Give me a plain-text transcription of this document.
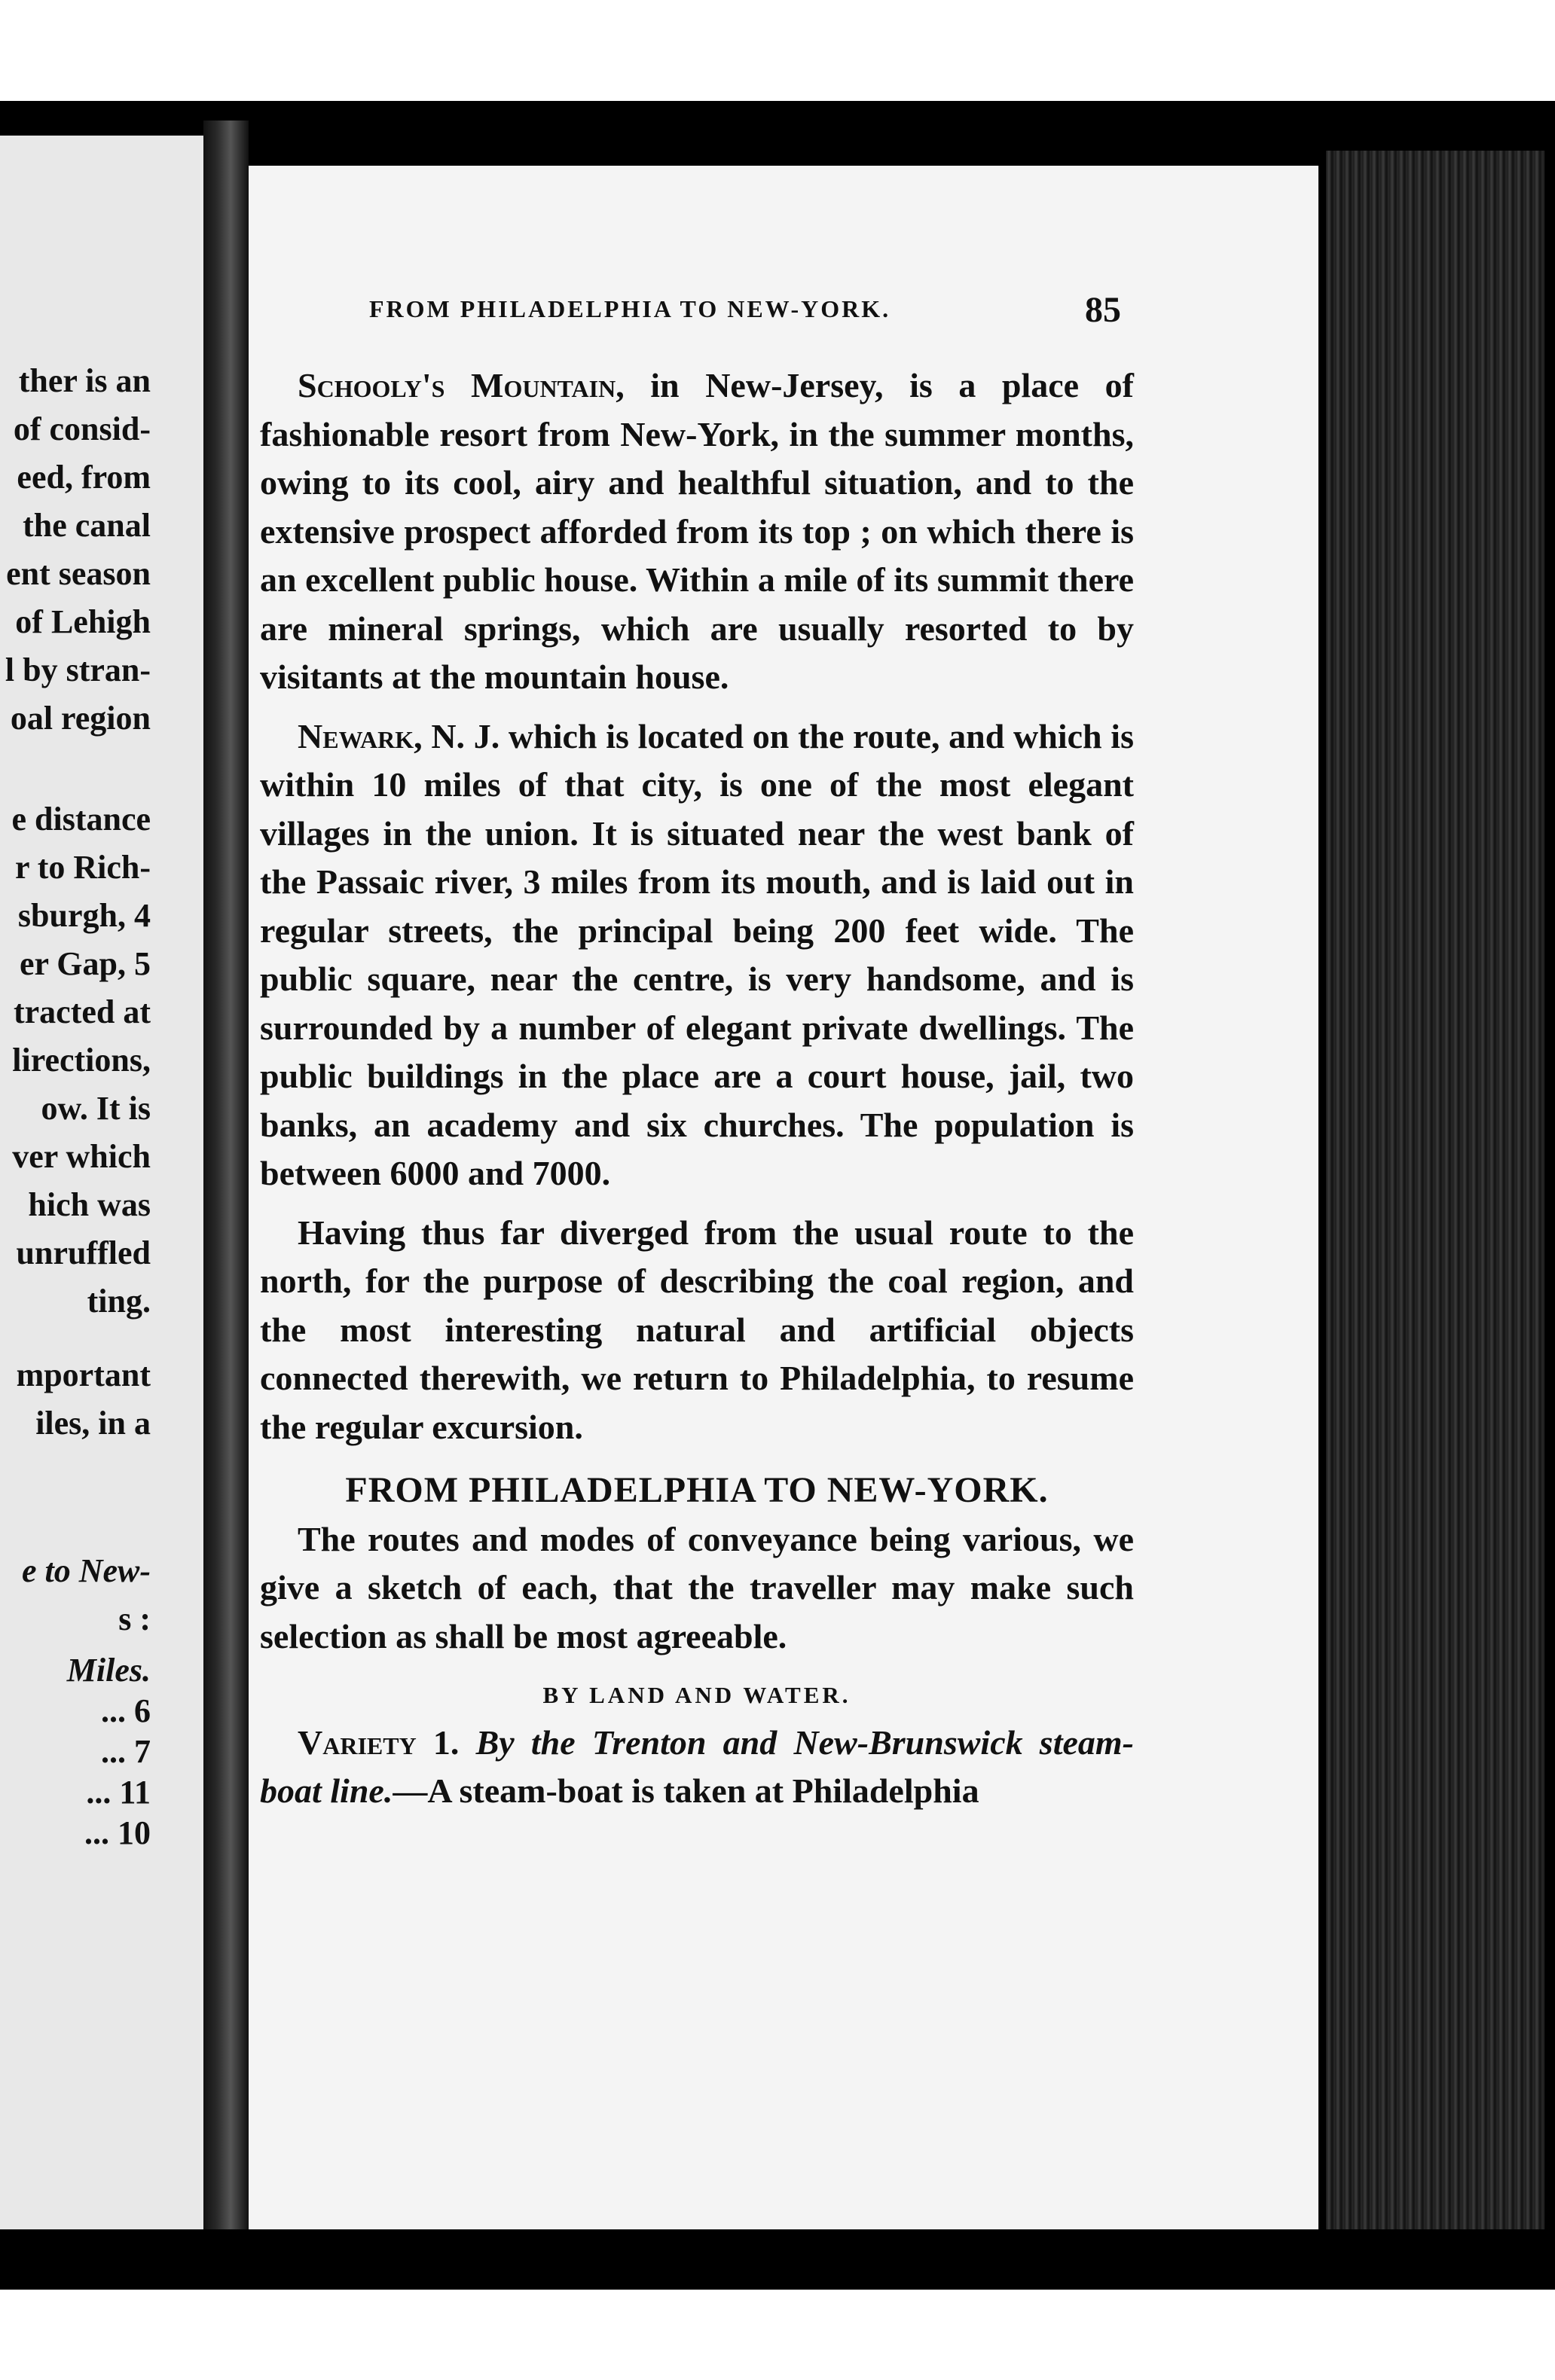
ther is an
of consid-
eed, from
the canal
ent season
of Lehigh
l by stran-
oal region
e distance
r to Rich-
sburgh, 4
er Gap, 5
tracted at
lirections,
ow. It is
ver which
hich was
unruffled
ting.
mportant
iles, in a
e to New-
s :
Miles.
... 6
... 7
... 11
... 10
FROM PHILADELPHIA TO NEW-YORK.	85

Schooly's Mountain, in New-Jersey, is a place of fashionable resort from New-York, in the summer months, owing to its cool, airy and healthful situation, and to the extensive prospect afforded from its top ; on which there is an excellent public house. Within a mile of its summit there are mineral springs, which are usually resorted to by visitants at the mountain house.

Newark, N. J. which is located on the route, and which is within 10 miles of that city, is one of the most elegant villages in the union. It is situated near the west bank of the Passaic river, 3 miles from its mouth, and is laid out in regular streets, the principal being 200 feet wide. The public square, near the centre, is very handsome, and is surrounded by a number of elegant private dwellings. The public buildings in the place are a court house, jail, two banks, an academy and six churches. The population is between 6000 and 7000.

Having thus far diverged from the usual route to the north, for the purpose of describing the coal region, and the most interesting natural and artificial objects connected therewith, we return to Philadelphia, to resume the regular excursion.

FROM PHILADELPHIA TO NEW-YORK.

The routes and modes of conveyance being various, we give a sketch of each, that the traveller may make such selection as shall be most agreeable.

BY LAND AND WATER.

Variety 1. By the Trenton and New-Brunswick steam-boat line.—A steam-boat is taken at Philadelphia
